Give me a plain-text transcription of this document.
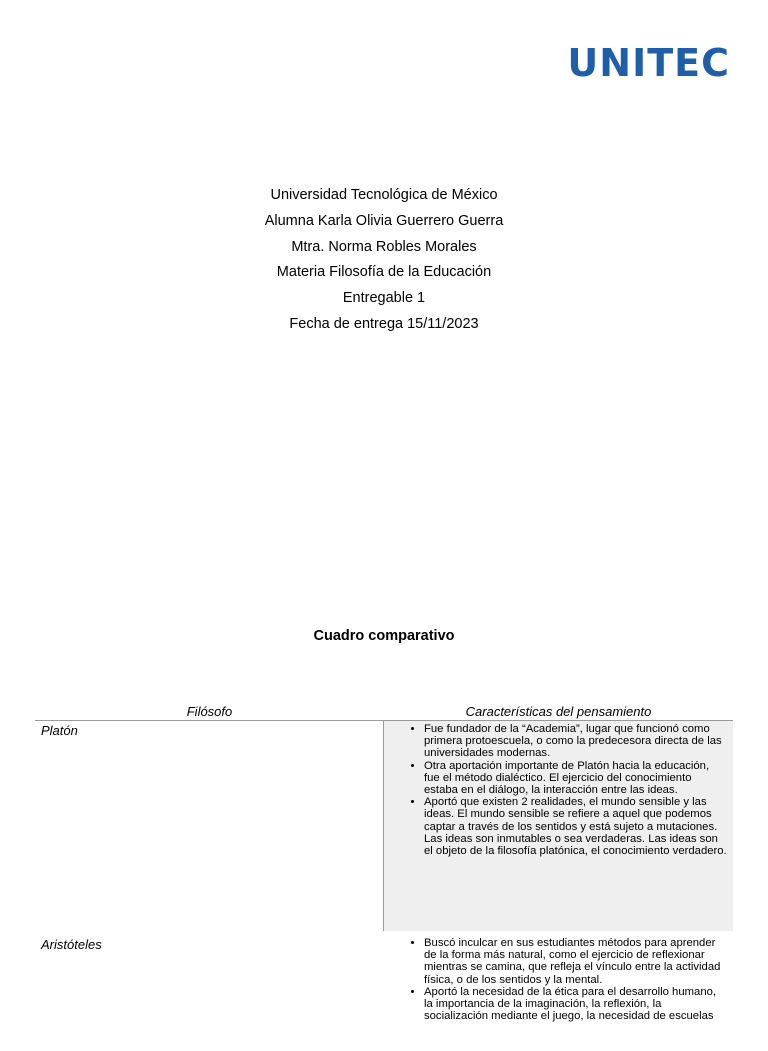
UNITEC
Universidad Tecnológica de México
Alumna Karla Olivia Guerrero Guerra
Mtra. Norma Robles Morales
Materia Filosofía de la Educación
Entregable 1
Fecha de entrega 15/11/2023
Cuadro comparativo
Filósofo	Características del pensamiento
Platón	• Fue fundador de la “Academia”, lugar que funcionó como primera protoescuela, o como la predecesora directa de las universidades modernas.
• Otra aportación importante de Platón hacia la educación, fue el método dialéctico. El ejercicio del conocimiento estaba en el diálogo, la interacción entre las ideas.
• Aportó que existen 2 realidades, el mundo sensible y las ideas. El mundo sensible se refiere a aquel que podemos captar a través de los sentidos y está sujeto a mutaciones. Las ideas son inmutables o sea verdaderas. Las ideas son el objeto de la filosofía platónica, el conocimiento verdadero.
Aristóteles	• Buscó inculcar en sus estudiantes métodos para aprender de la forma más natural, como el ejercicio de reflexionar mientras se camina, que refleja el vínculo entre la actividad física, o de los sentidos y la mental.
• Aportó la necesidad de la ética para el desarrollo humano, la importancia de la imaginación, la reflexión, la socialización mediante el juego, la necesidad de escuelas
